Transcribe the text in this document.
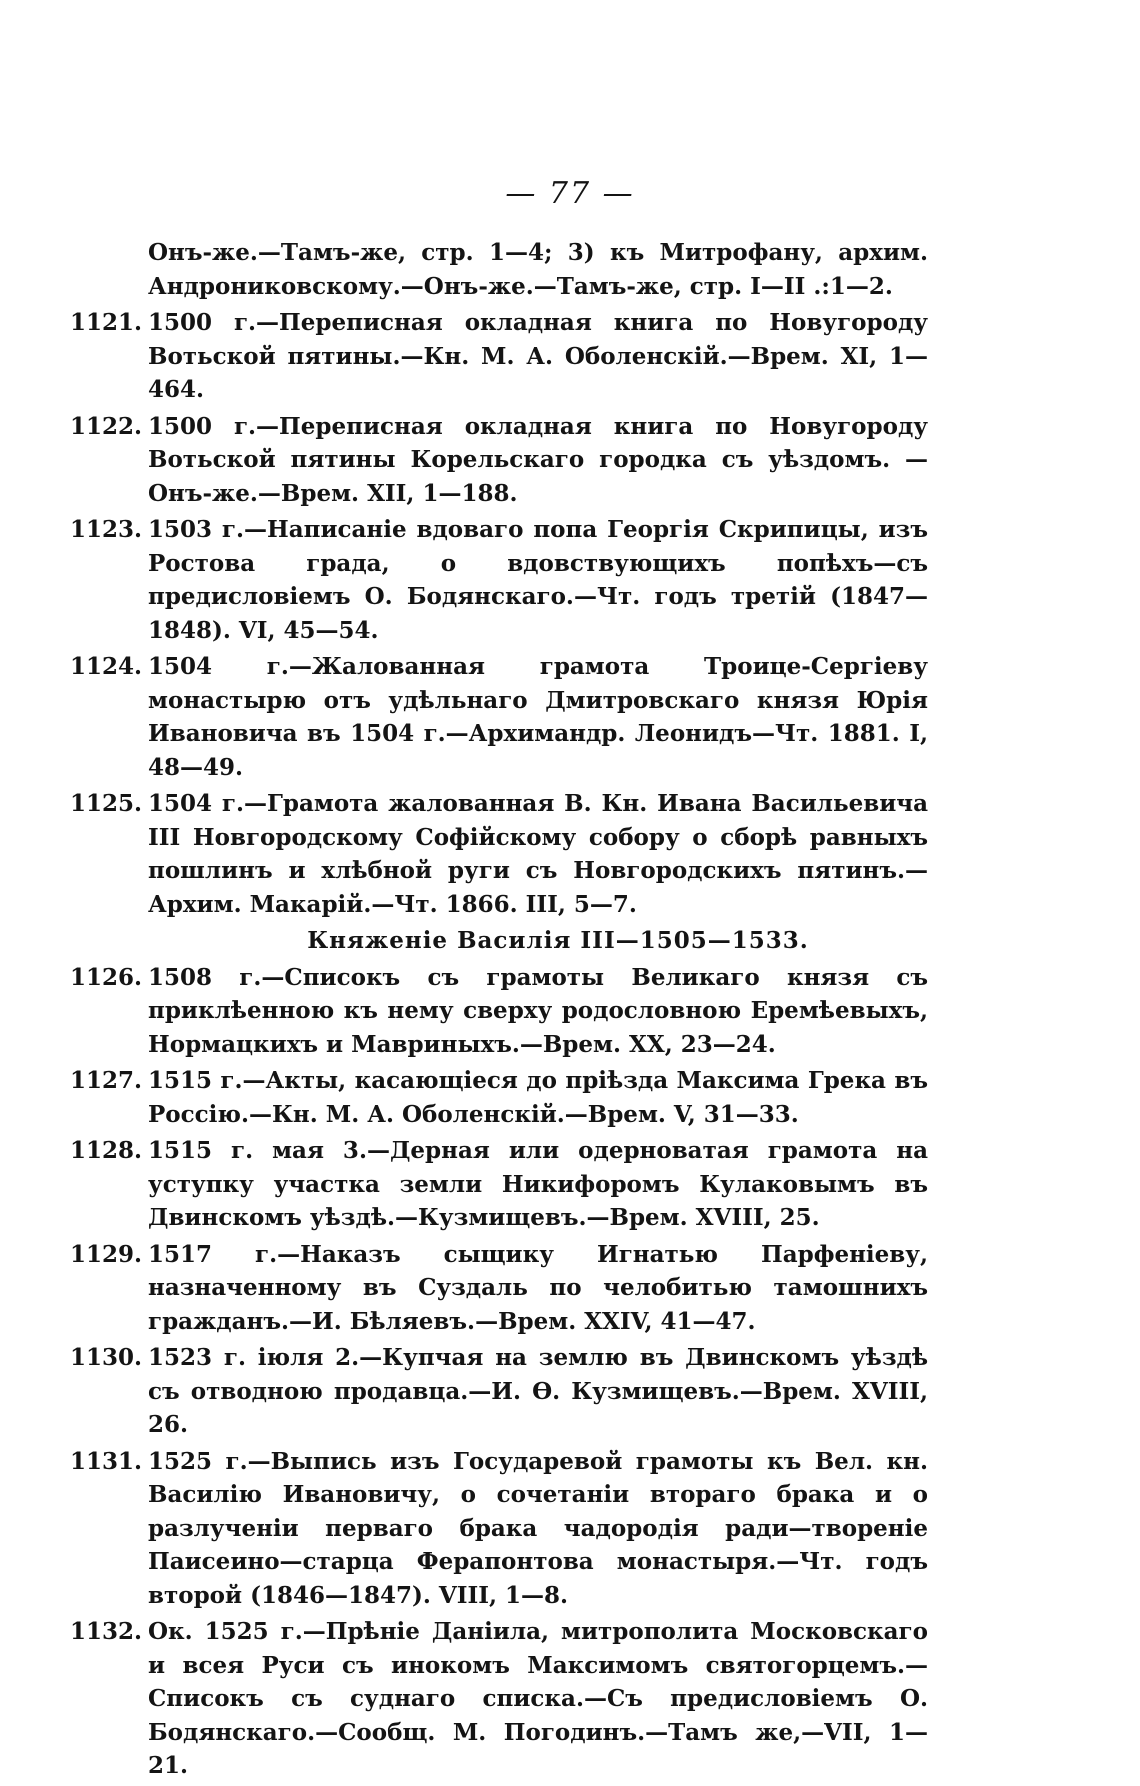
— 77 —

Онъ-же.—Тамъ-же, стр. 1—4; 3) къ Митрофану, архим. Андрониковскому.—Онъ-же.—Тамъ-же, стр. I—II .:1—2.

1121. 1500 г.—Переписная окладная книга по Новугороду Вотьской пятины.—Кн. М. А. Оболенскій.—Врем. XI, 1—464.
1122. 1500 г.—Переписная окладная книга по Новугороду Вотьской пятины Корельскаго городка съ уѣздомъ. —Онъ-же.—Врем. XII, 1—188.
1123. 1503 г.—Написаніе вдоваго попа Георгія Скрипицы, изъ Ростова града, о вдовствующихъ попѣхъ—съ предисловіемъ О. Бодянскаго.—Чт. годъ третій (1847—1848). VI, 45—54.
1124. 1504 г.—Жалованная грамота Троице-Сергіеву монастырю отъ удѣльнаго Дмитровскаго князя Юрія Ивановича въ 1504 г.—Архимандр. Леонидъ—Чт. 1881. I, 48—49.
1125. 1504 г.—Грамота жалованная В. Кн. Ивана Васильевича III Новгородскому Софійскому собору о сборѣ равныхъ пошлинъ и хлѣбной руги съ Новгородскихъ пятинъ.—Архим. Макарій.—Чт. 1866. III, 5—7.
Княженіе Василія III—1505—1533.
1126. 1508 г.—Списокъ съ грамоты Великаго князя съ приклѣенною къ нему сверху родословною Еремѣевыхъ, Нормацкихъ и Мавриныхъ.—Врем. XX, 23—24.
1127. 1515 г.—Акты, касающіеся до пріѣзда Максима Грека въ Россію.—Кн. М. А. Оболенскій.—Врем. V, 31—33.
1128. 1515 г. мая 3.—Дерная или одерноватая грамота на уступку участка земли Никифоромъ Кулаковымъ въ Двинскомъ уѣздѣ.—Кузмищевъ.—Врем. XVIII, 25.
1129. 1517 г.—Наказъ сыщику Игнатью Парфеніеву, назначенному въ Суздаль по челобитью тамошнихъ гражданъ.—И. Бѣляевъ.—Врем. XXIV, 41—47.
1130. 1523 г. іюля 2.—Купчая на землю въ Двинскомъ уѣздѣ съ отводною продавца.—И. Ѳ. Кузмищевъ.—Врем. XVIII, 26.
1131. 1525 г.—Выпись изъ Государевой грамоты къ Вел. кн. Василію Ивановичу, о сочетаніи втораго брака и о разлученіи перваго брака чадородія ради—твореніе Паисеино—старца Ферапонтова монастыря.—Чт. годъ второй (1846—1847). VIII, 1—8.
1132. Ок. 1525 г.—Пpѣніе Даніила, митрополита Московскаго и всея Руси съ инокомъ Максимомъ святогорцемъ.—Списокъ съ суднаго списка.—Съ предисловіемъ О. Бодянскаго.—Сообщ. М. Погодинъ.—Тамъ же,—VII, 1—21.
